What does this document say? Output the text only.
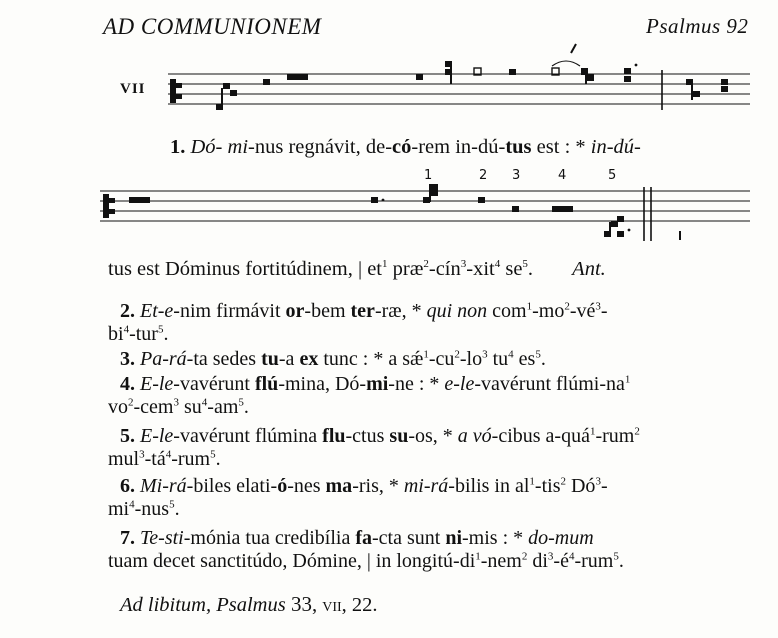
AD COMMUNIONEM	Psalmus 92
VII
1	2 3	4	5
1. Dó- mi-nus regnávit, de-có-rem in-dú-tus est : * in-dú-
tus est Dóminus fortitúdinem, | $et^1$ præ$^2$-cín$^3$-xit$^4$ $se^5$. Ant.
2. Et-e-nim firmávit or-bem ter-ræ, * qui non $com^1-mo^2-vé^3-$
$bi^4-tur^5$.
3. Pa-rá-ta sedes tu-a ex tunc : * a $sǽ^1-cu^2-lo^3$ $tu^4$ $es^5$.
4. E-le-vavérunt flú-mina, Dó-mi-ne : * e-le-vavérunt flúmi-$na^1$
$vo^2-cem^3$ $su^4-am^5$.
5. E-le-vavérunt flúmina flu-ctus su-os, * a vó-cibus a-quá$^1$-rum$^2$
$mul^3-tá^4-rum^5$.
6. Mi-rá-biles elati-ó-nes ma-ris, * mi-rá-bilis in $al^1-tis^2$ $Dó^3-$
$mi^4-nus^5$.
7. Te-sti-mónia tua credibília fa-cta sunt ni-mis : * do-mum
tuam decet sanctitúdo, Dómine, | in longitú-$di^1-nem^2$ $di^3-é^4-rum^5$.
Ad libitum, Psalmus 33, vii, 22.
